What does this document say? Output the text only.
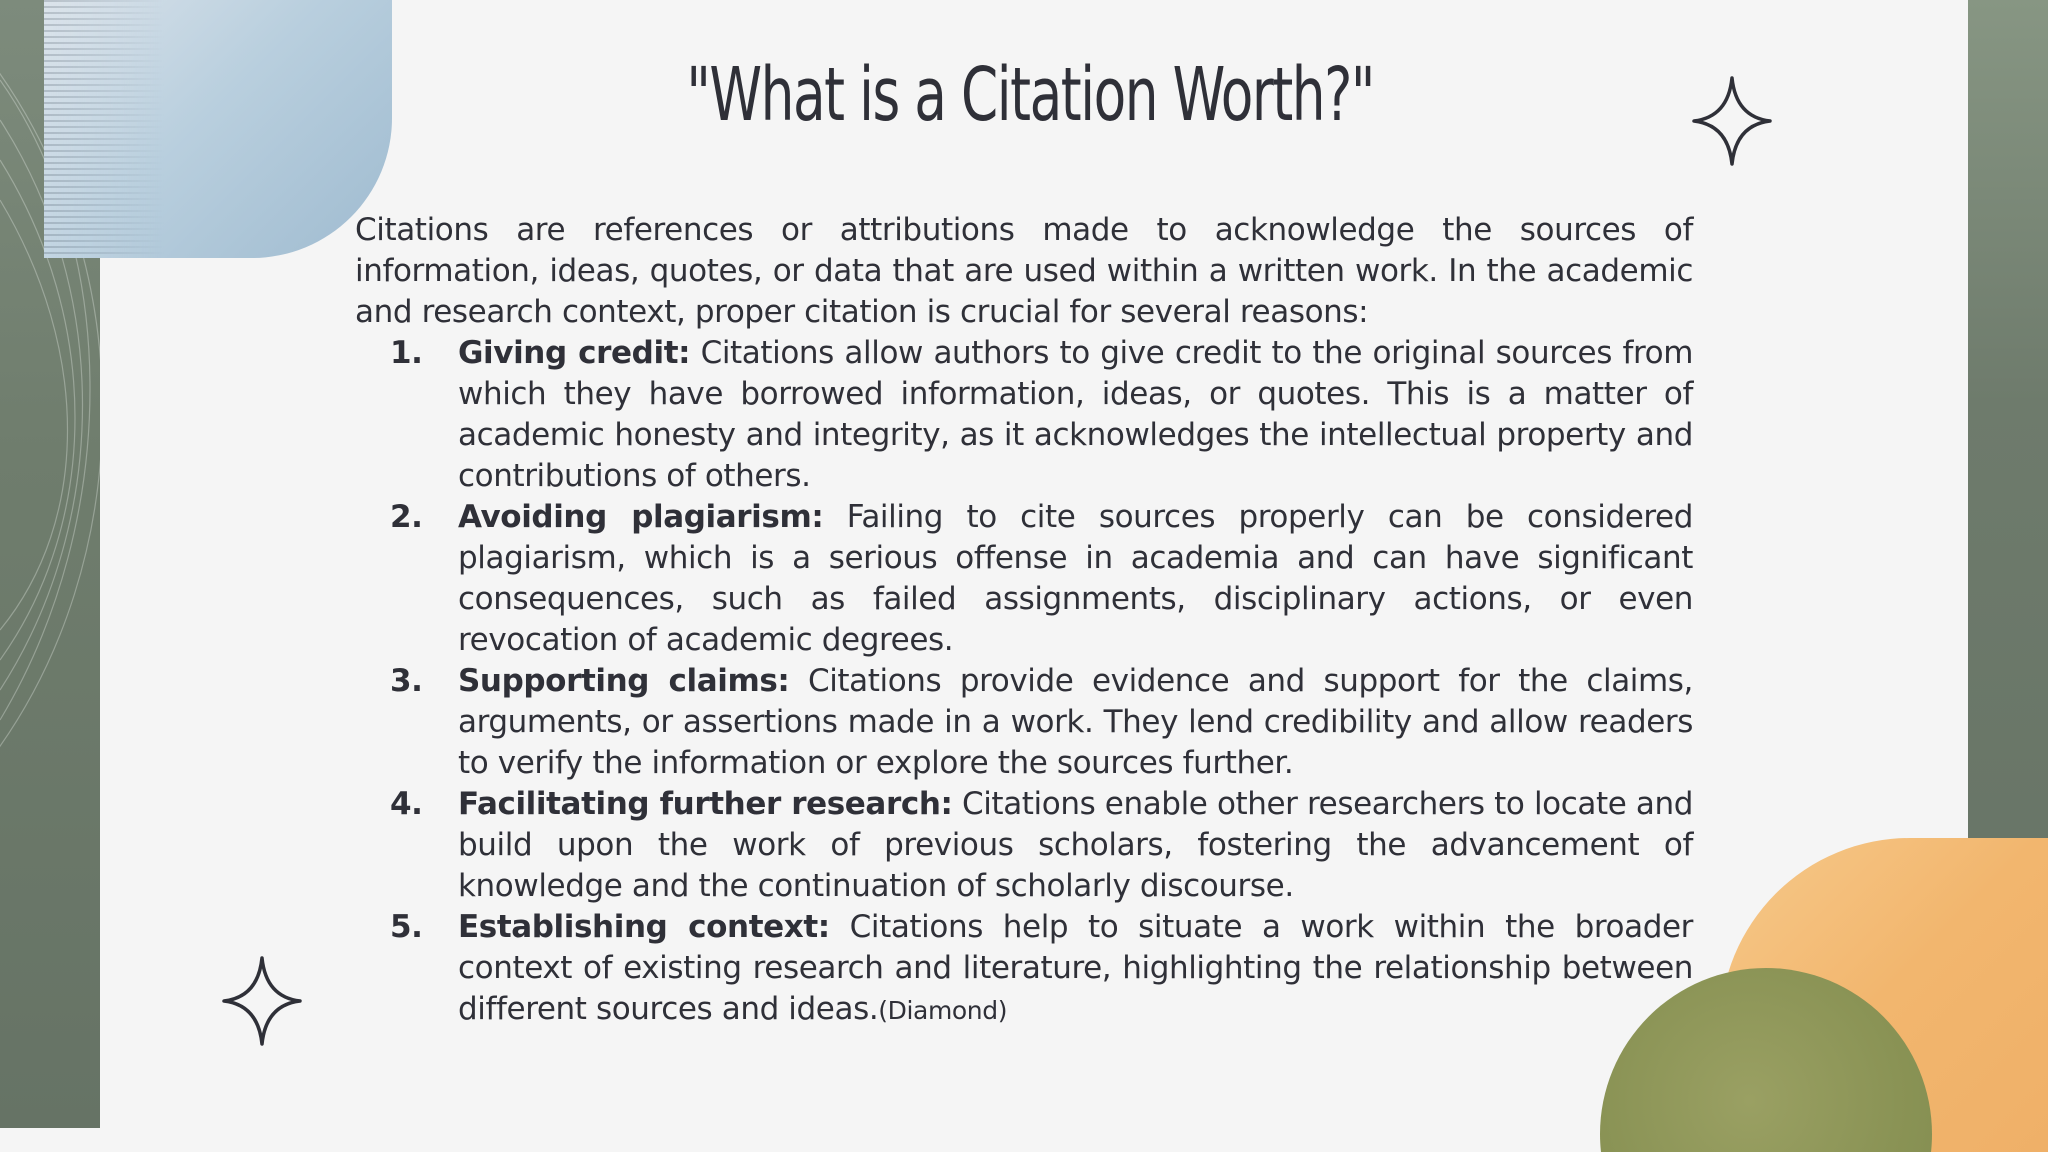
"What is a Citation Worth?"

Citations are references or attributions made to acknowledge the sources of information, ideas, quotes, or data that are used within a written work. In the academic and research context, proper citation is crucial for several reasons:

1. Giving credit: Citations allow authors to give credit to the original sources from which they have borrowed information, ideas, or quotes. This is a matter of academic honesty and integrity, as it acknowledges the intellectual property and contributions of others.
2. Avoiding plagiarism: Failing to cite sources properly can be considered plagiarism, which is a serious offense in academia and can have significant consequences, such as failed assignments, disciplinary actions, or even revocation of academic degrees.
3. Supporting claims: Citations provide evidence and support for the claims, arguments, or assertions made in a work. They lend credibility and allow readers to verify the information or explore the sources further.
4. Facilitating further research: Citations enable other researchers to locate and build upon the work of previous scholars, fostering the advancement of knowledge and the continuation of scholarly discourse.
5. Establishing context: Citations help to situate a work within the broader context of existing research and literature, highlighting the relationship between different sources and ideas.(Diamond)
